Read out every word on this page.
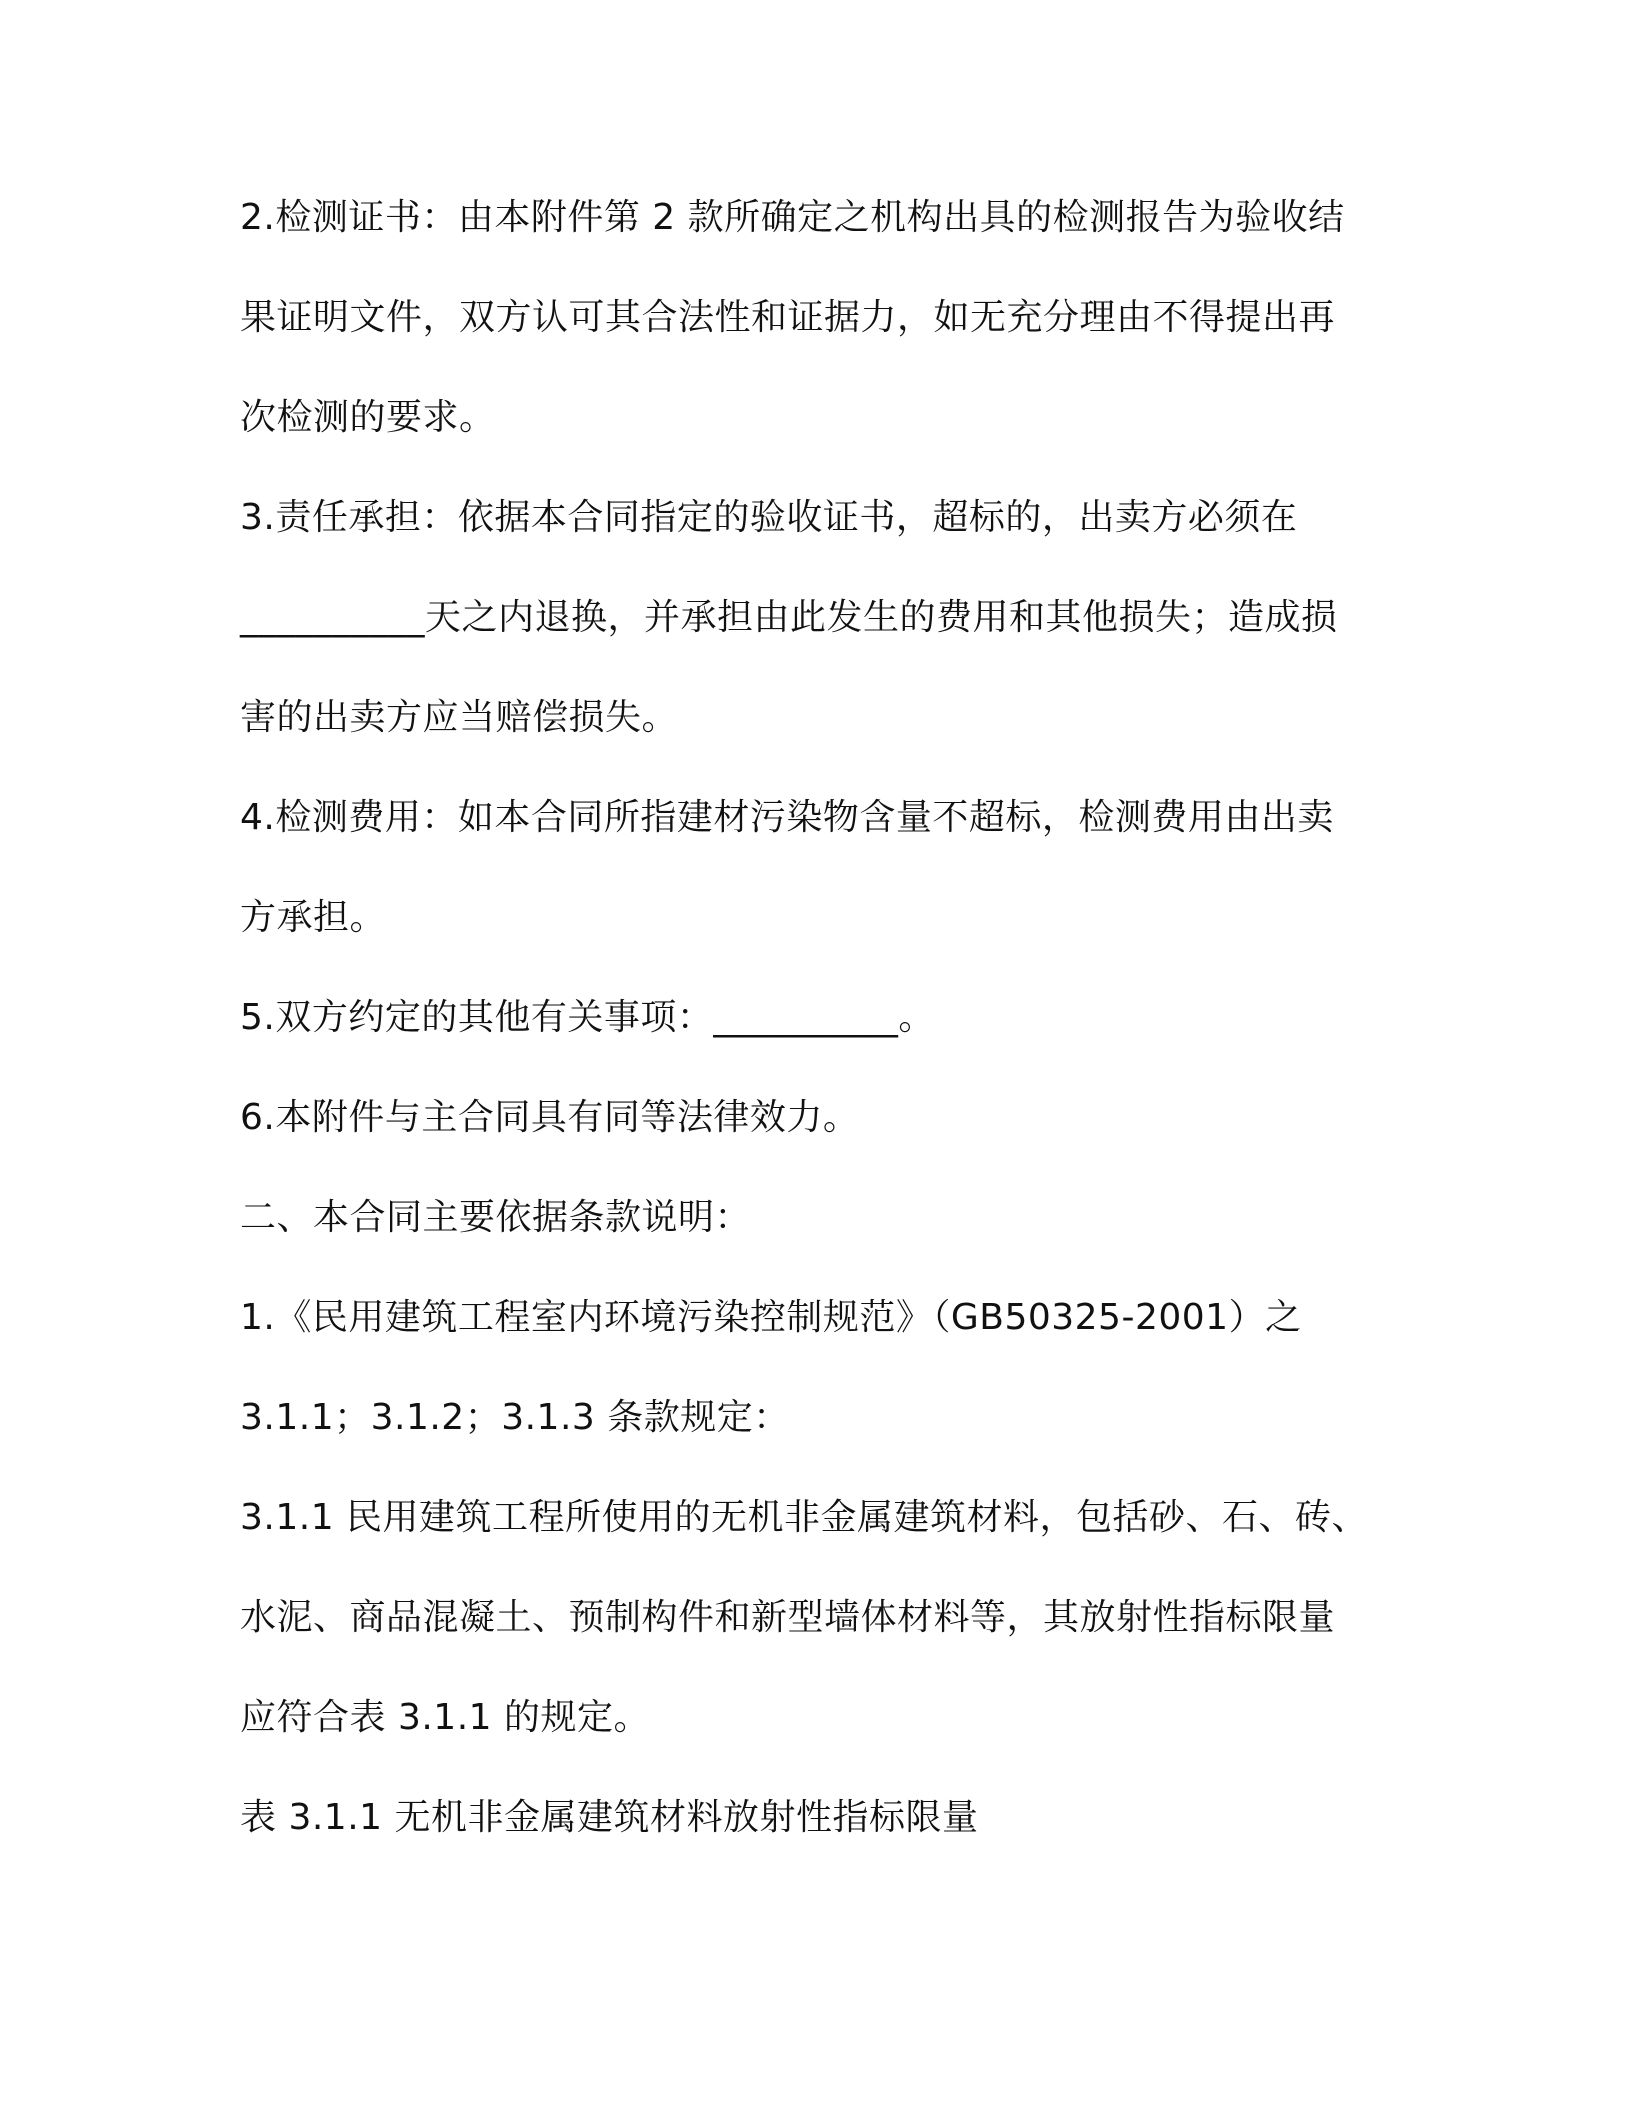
2.检测证书：由本附件第 2 款所确定之机构出具的检测报告为验收结
果证明文件，双方认可其合法性和证据力，如无充分理由不得提出再
次检测的要求。
3.责任承担：依据本合同指定的验收证书，超标的，出卖方必须在
__________天之内退换，并承担由此发生的费用和其他损失；造成损
害的出卖方应当赔偿损失。
4.检测费用：如本合同所指建材污染物含量不超标，检测费用由出卖
方承担。
5.双方约定的其他有关事项：__________。
6.本附件与主合同具有同等法律效力。
二、本合同主要依据条款说明：
1.《民用建筑工程室内环境污染控制规范》（GB50325-2001）之
3.1.1；3.1.2；3.1.3 条款规定：
3.1.1 民用建筑工程所使用的无机非金属建筑材料，包括砂、石、砖、
水泥、商品混凝土、预制构件和新型墙体材料等，其放射性指标限量
应符合表 3.1.1 的规定。
表 3.1.1 无机非金属建筑材料放射性指标限量
